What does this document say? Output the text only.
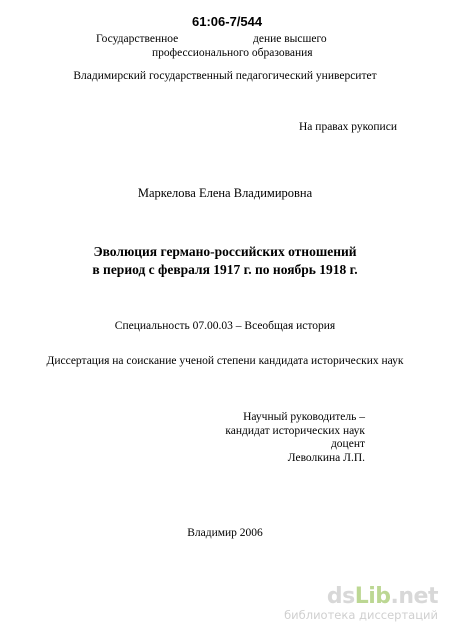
61:06-7/544
Государственное	дение высшего
профессионального образования
Владимирский государственный педагогический университет
На правах рукописи
Маркелова Елена Владимировна
Эволюция германо-российских отношений
в период с февраля 1917 г. по ноябрь 1918 г.
Специальность 07.00.03 – Всеобщая история
Диссертация на соискание ученой степени кандидата исторических наук
Научный руководитель –
кандидат исторических наук
доцент
Леволкина Л.П.
Владимир 2006
dsLib.net
библиотека диссертаций
